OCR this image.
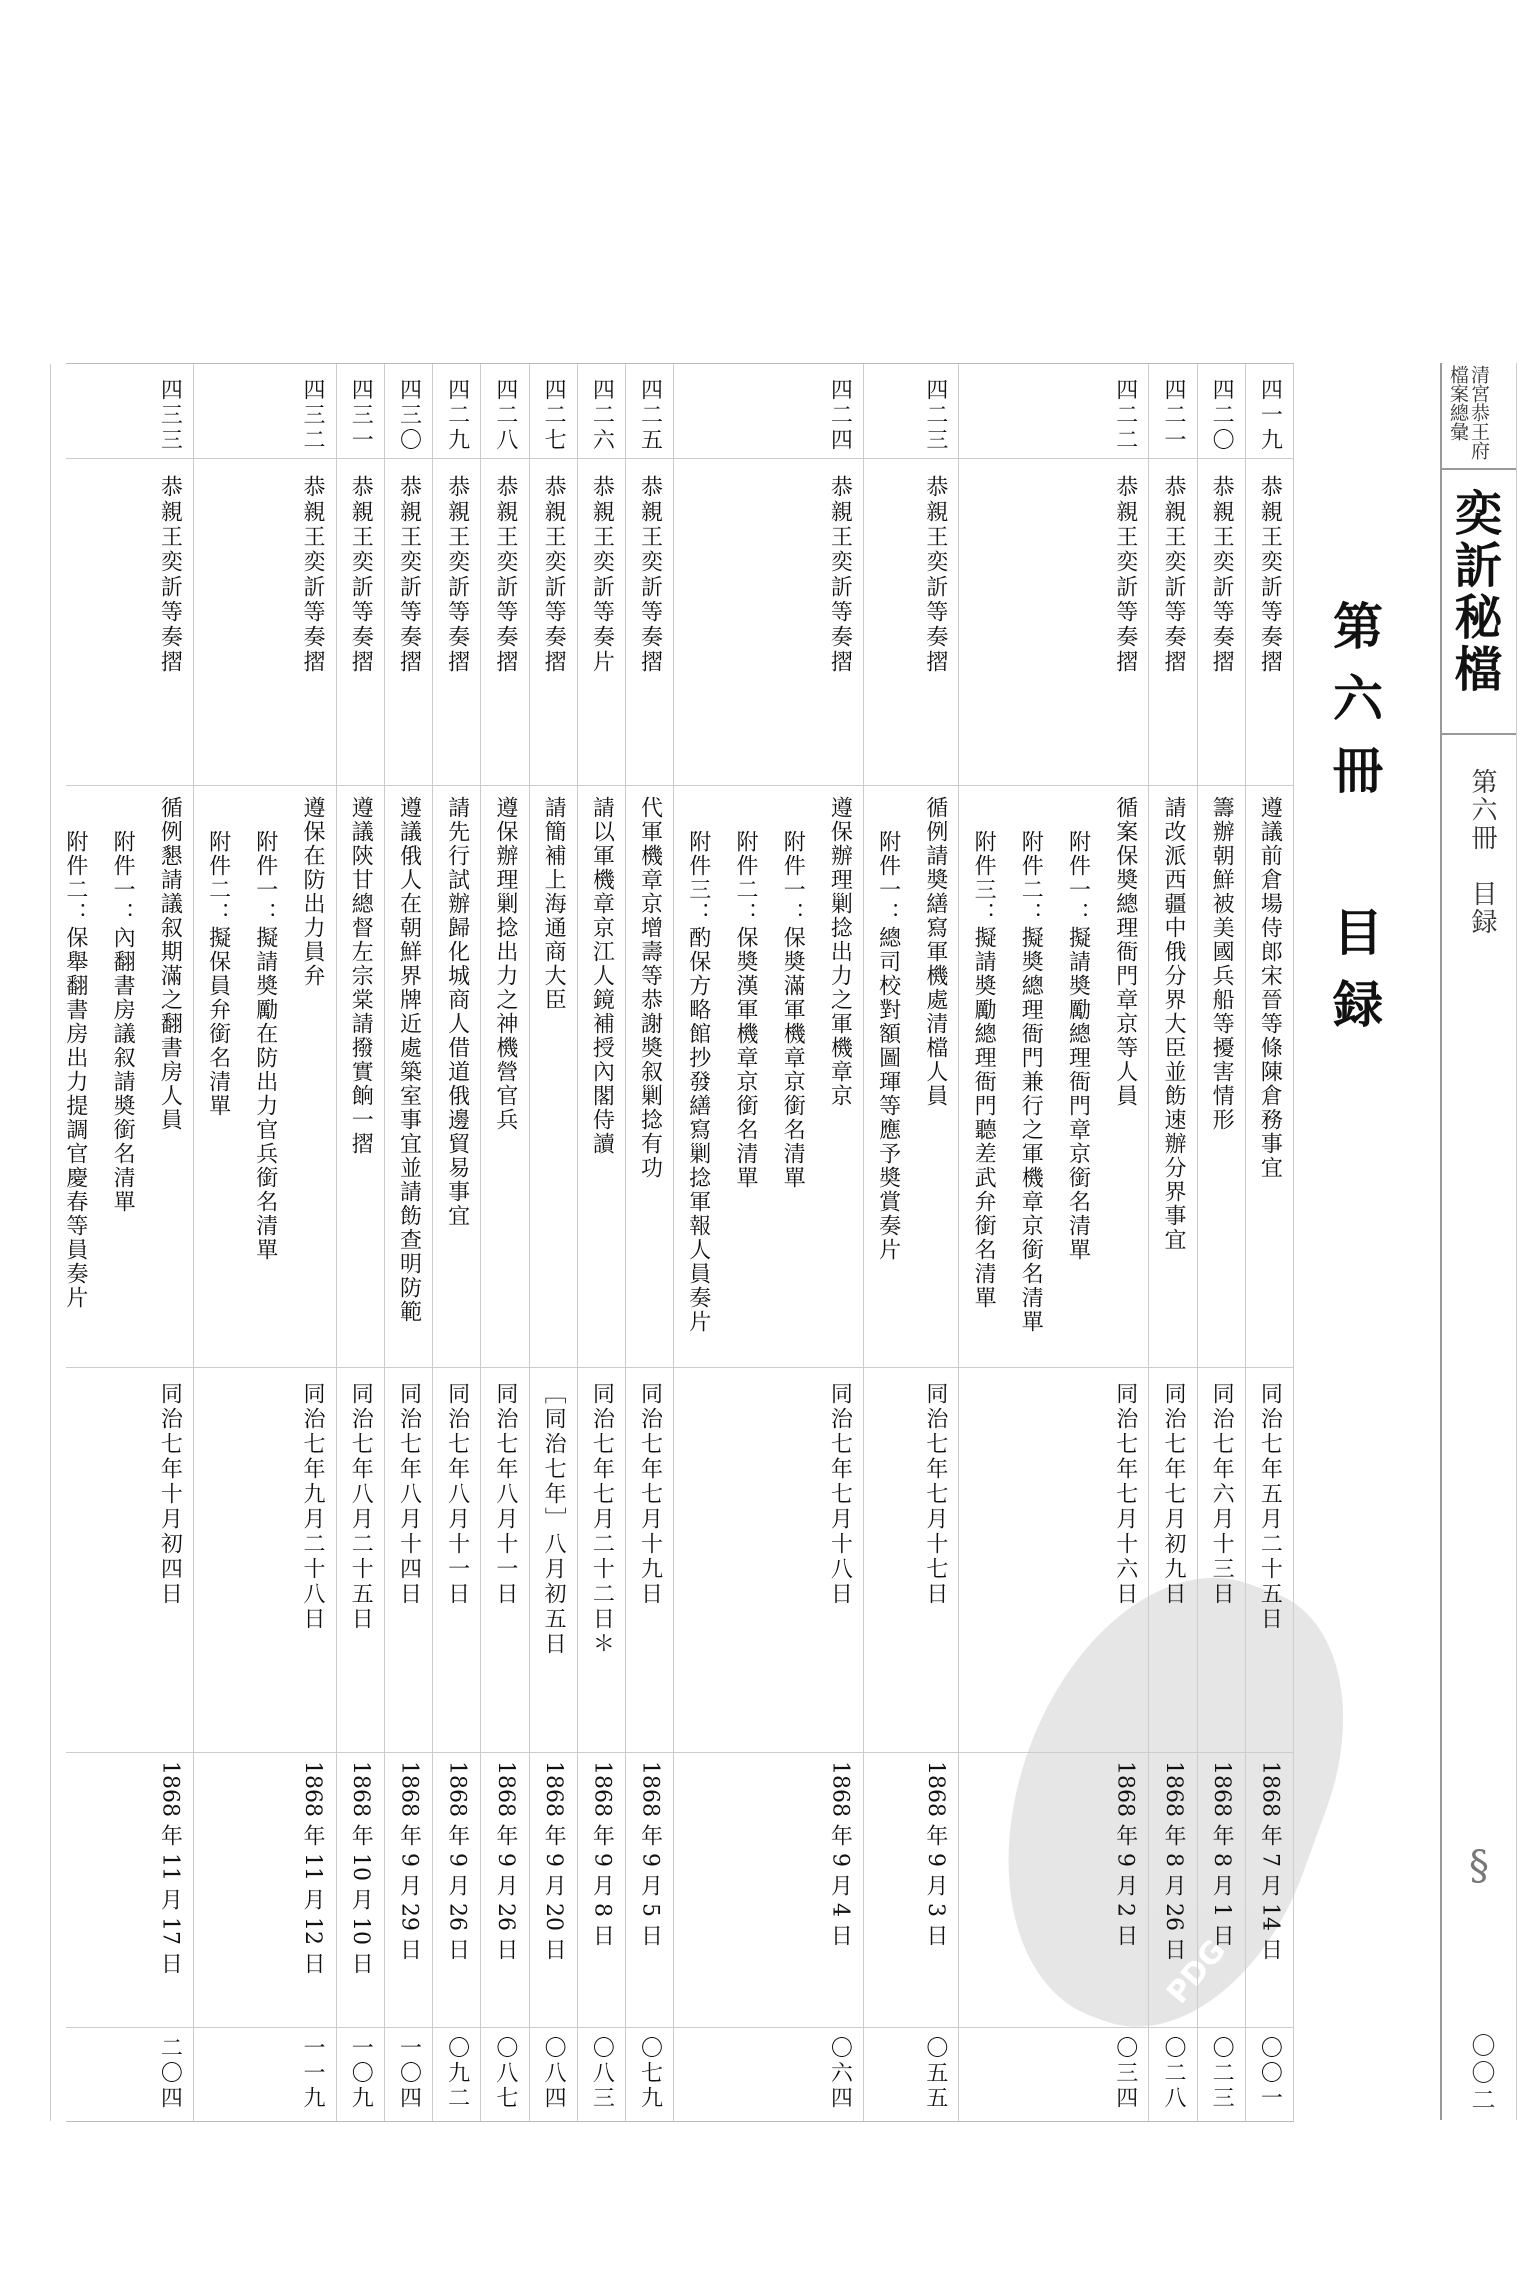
PDG
清宮恭王府
檔案總彙
奕訢秘檔
第六冊　目録
§
〇〇二
第六冊
目録
四一九
恭親王奕訢等奏摺
遵議前倉場侍郎宋晉等條陳倉務事宜
同治七年五月二十五日
1868 年 7 月 14 日
〇〇一
四二〇
恭親王奕訢等奏摺
籌辦朝鮮被美國兵船等擾害情形
同治七年六月十三日
1868 年 8 月 1 日
〇二三
四二一
恭親王奕訢等奏摺
請改派西疆中俄分界大臣並飭速辦分界事宜
同治七年七月初九日
1868 年 8 月 26 日
〇二八
四二二
恭親王奕訢等奏摺
循案保奬總理衙門章京等人員
同治七年七月十六日
1868 年 9 月 2 日
〇三四
附件一：擬請奬勵總理衙門章京銜名清單
附件二：擬奬總理衙門兼行之軍機章京銜名清單
附件三：擬請奬勵總理衙門聽差武弁銜名清單
四二三
恭親王奕訢等奏摺
循例請奬繕寫軍機處清檔人員
同治七年七月十七日
1868 年 9 月 3 日
〇五五
附件一：總司校對額圖琿等應予奬賞奏片
四二四
恭親王奕訢等奏摺
遵保辦理剿捻出力之軍機章京
同治七年七月十八日
1868 年 9 月 4 日
〇六四
附件一：保奬滿軍機章京銜名清單
附件二：保奬漢軍機章京銜名清單
附件三：酌保方略館抄發繕寫剿捻軍報人員奏片
四二五
恭親王奕訢等奏摺
代軍機章京增壽等恭謝奬叙剿捻有功
同治七年七月十九日
1868 年 9 月 5 日
〇七九
四二六
恭親王奕訢等奏片
請以軍機章京江人鏡補授內閣侍讀
同治七年七月二十二日＊
1868 年 9 月 8 日
〇八三
四二七
恭親王奕訢等奏摺
請簡補上海通商大臣
［同治七年］八月初五日
1868 年 9 月 20 日
〇八四
四二八
恭親王奕訢等奏摺
遵保辦理剿捻出力之神機營官兵
同治七年八月十一日
1868 年 9 月 26 日
〇八七
四二九
恭親王奕訢等奏摺
請先行試辦歸化城商人借道俄邊貿易事宜
同治七年八月十一日
1868 年 9 月 26 日
〇九二
四三〇
恭親王奕訢等奏摺
遵議俄人在朝鮮界牌近處築室事宜並請飭查明防範
同治七年八月十四日
1868 年 9 月 29 日
一〇四
四三一
恭親王奕訢等奏摺
遵議陝甘總督左宗棠請撥實餉一摺
同治七年八月二十五日
1868 年 10 月 10 日
一〇九
四三二
恭親王奕訢等奏摺
遵保在防出力員弁
同治七年九月二十八日
1868 年 11 月 12 日
一一九
附件一：擬請奬勵在防出力官兵銜名清單
附件二：擬保員弁銜名清單
四三三
恭親王奕訢等奏摺
循例懇請議叙期滿之翻書房人員
同治七年十月初四日
1868 年 11 月 17 日
二〇四
附件一：內翻書房議叙請奬銜名清單
附件二：保舉翻書房出力提調官慶春等員奏片
